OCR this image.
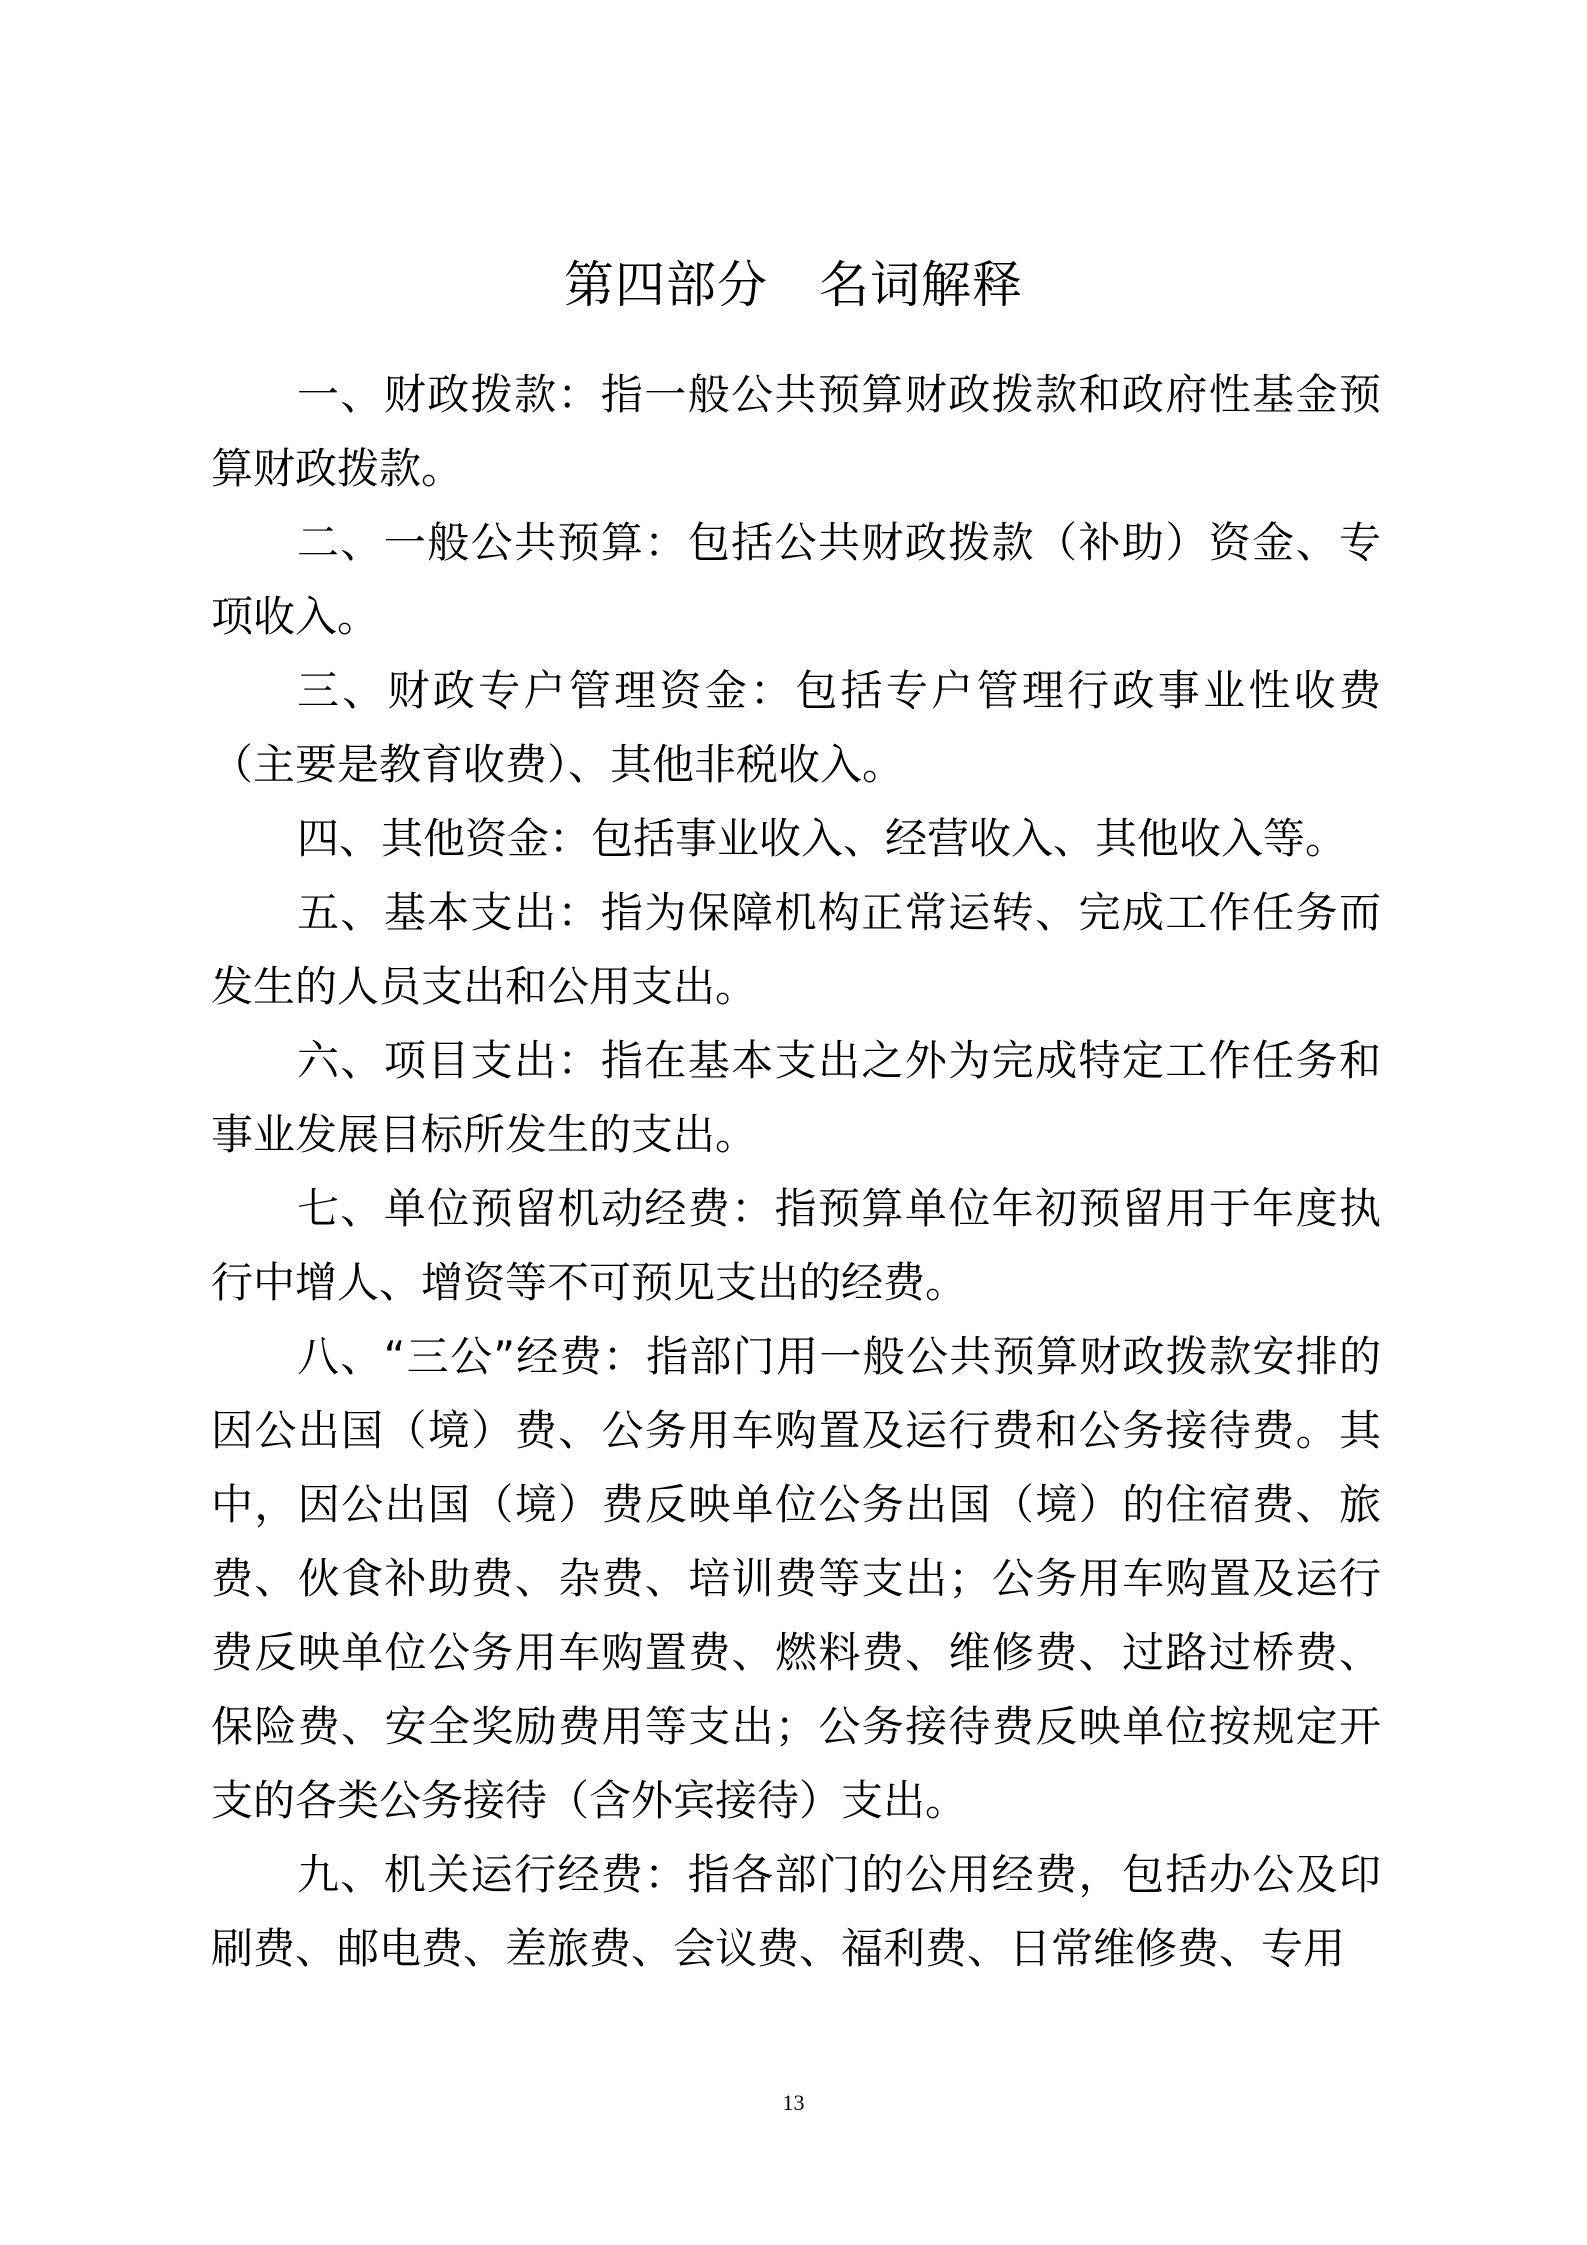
第四部分　名词解释

一、财政拨款：指一般公共预算财政拨款和政府性基金预算财政拨款。

二、一般公共预算：包括公共财政拨款（补助）资金、专项收入。

三、财政专户管理资金：包括专户管理行政事业性收费（主要是教育收费）、其他非税收入。

四、其他资金：包括事业收入、经营收入、其他收入等。

五、基本支出：指为保障机构正常运转、完成工作任务而发生的人员支出和公用支出。

六、项目支出：指在基本支出之外为完成特定工作任务和事业发展目标所发生的支出。

七、单位预留机动经费：指预算单位年初预留用于年度执行中增人、增资等不可预见支出的经费。

八、“三公”经费：指部门用一般公共预算财政拨款安排的因公出国（境）费、公务用车购置及运行费和公务接待费。其中，因公出国（境）费反映单位公务出国（境）的住宿费、旅费、伙食补助费、杂费、培训费等支出；公务用车购置及运行费反映单位公务用车购置费、燃料费、维修费、过路过桥费、保险费、安全奖励费用等支出；公务接待费反映单位按规定开支的各类公务接待（含外宾接待）支出。

九、机关运行经费：指各部门的公用经费，包括办公及印刷费、邮电费、差旅费、会议费、福利费、日常维修费、专用

13
